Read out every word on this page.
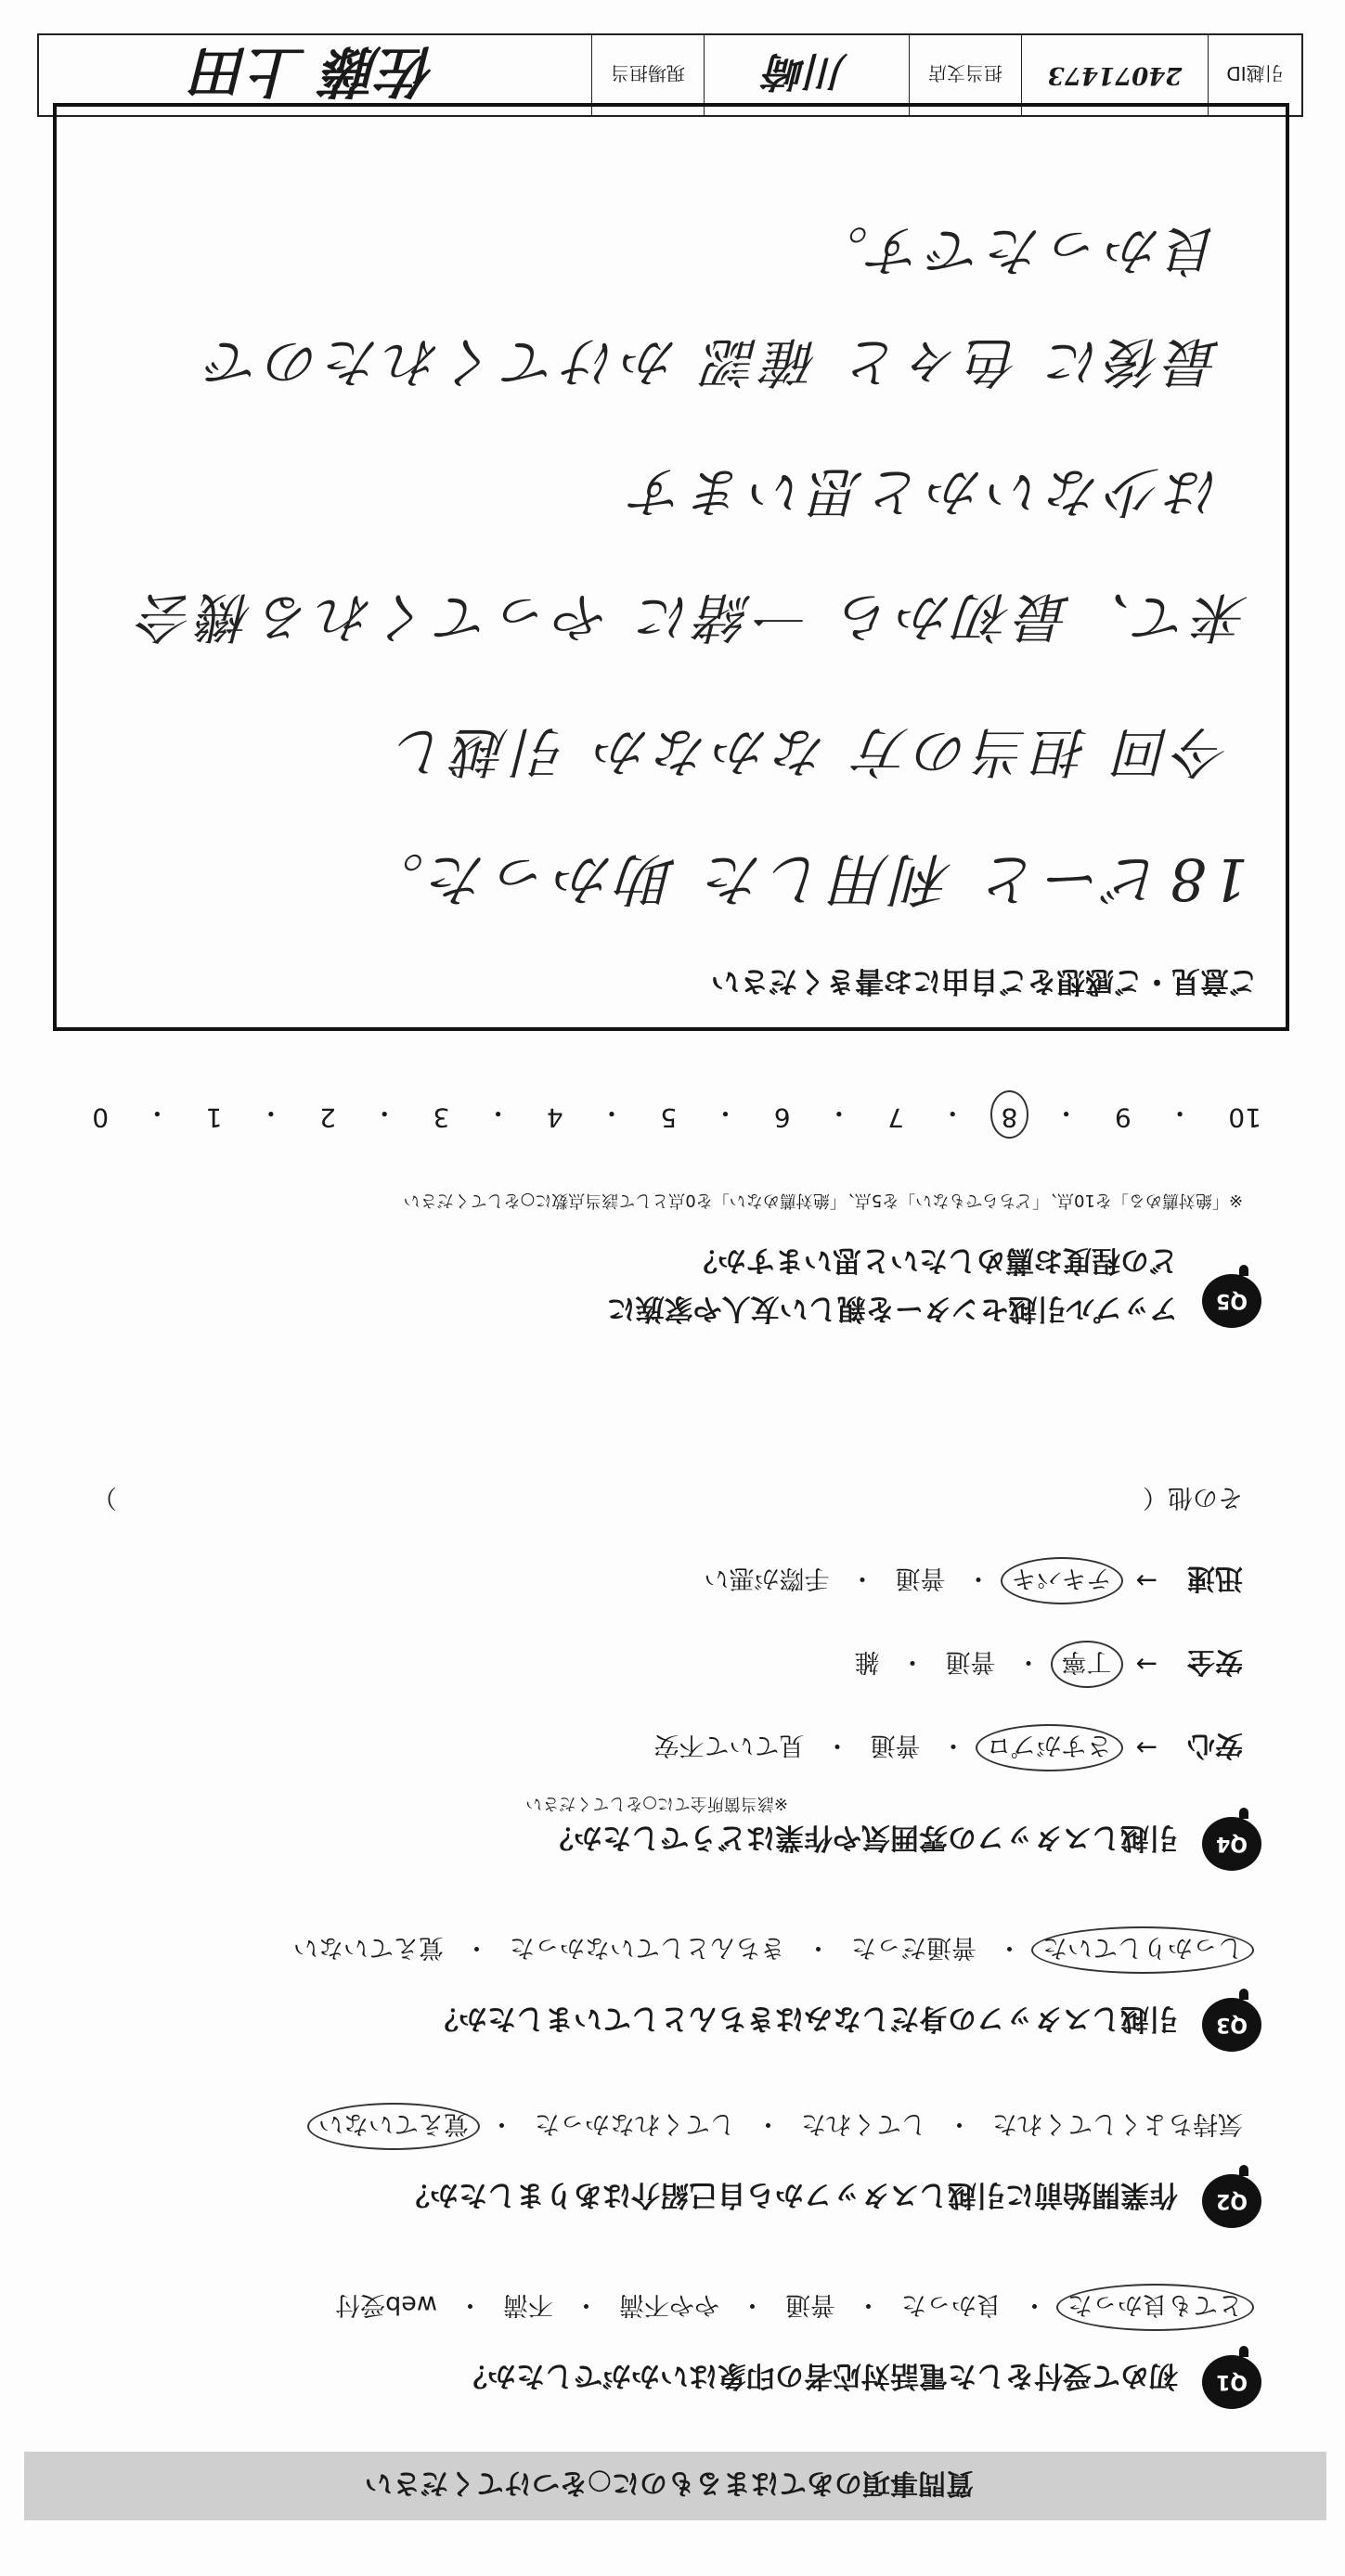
引越ID
24071473
担当支店
川崎
現場担当
佐藤 上田
質問事項のあてはまるものに○をつけてください
Q1
初めて受付をした電話対応者の印象はいかがでしたか？
とても良かった
・
良かった
・
普通
・
やや不満
・
不満
・
web受付
Q2
作業開始前に引越しスタッフから自己紹介はありましたか？
気持ちよくしてくれた
・
してくれた
・
してくれなかった
・
覚えていない
Q3
引越しスタッフの身だしなみはきちんとしていましたか？
しっかりしていた
・
普通だった
・
きちんとしていなかった
・
覚えていない
Q4
引越しスタッフの雰囲気や作業はどうでしたか？
※該当箇所全てに○をしてください
安心
→
さすがプロ
・
普通
・
見ていて不安
安全
→
丁寧
・
普通
・
雑
迅速
→
テキパキ
・
普通
・
手際が悪い
その他（
）
Q5
アップル引越センターを親しい友人や家族に
どの程度お薦めしたいと思いますか？
※「絶対薦める」を10点、「どちらでもない」を5点、「絶対薦めない」を0点として該当点数に○をしてください
10
・
9
・
8
・
7
・
6
・
5
・
4
・
3
・
2
・
1
・
0
ご意見・ご感想をご自由にお書きください
18ビーと 利用した 助かった。
今回 担当の方 なかなか 引越し
来て、最初から 一緒に やってくれる機会
は少ないかと思います
最後に 色々と 確認 かけてくれたので
良かったです。
